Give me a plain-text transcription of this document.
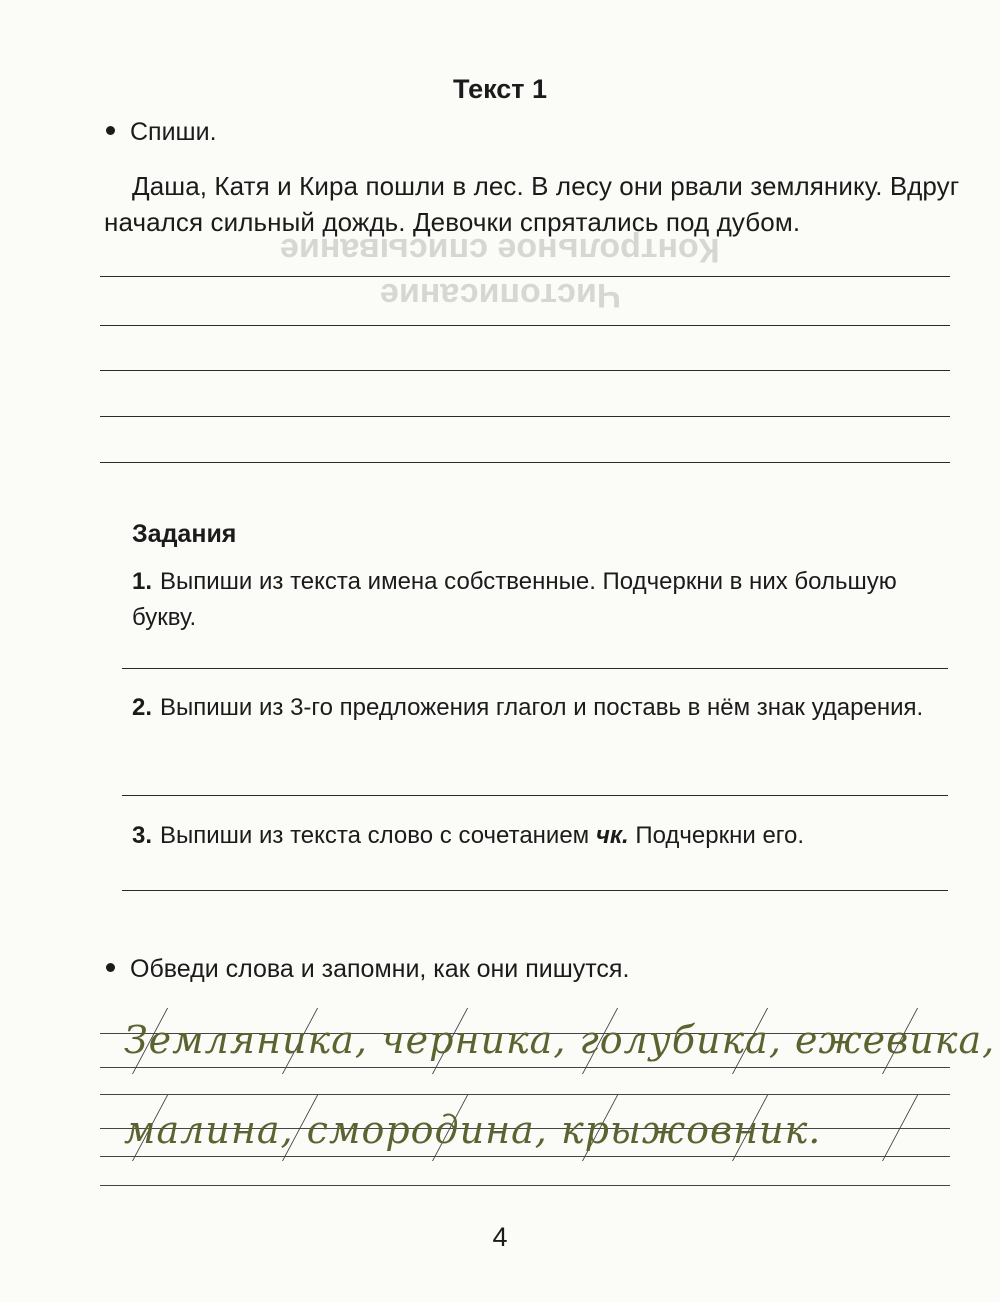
Контрольное списывание
Чистописание
Текст 1
Спиши.
Даша, Катя и Кира пошли в лес. В лесу они рвали землянику. Вдруг начался сильный дождь. Девочки спрятались под дубом.
Задания
1. Выпиши из текста имена собственные. Подчеркни в них большую букву.
2. Выпиши из 3-го предложения глагол и поставь в нём знак ударения.
3. Выпиши из текста слово с сочетанием чк. Подчеркни его.
Обведи слова и запомни, как они пишутся.
Земляника, черника, голубика, ежевика,
малина, смородина, крыжовник.
4
